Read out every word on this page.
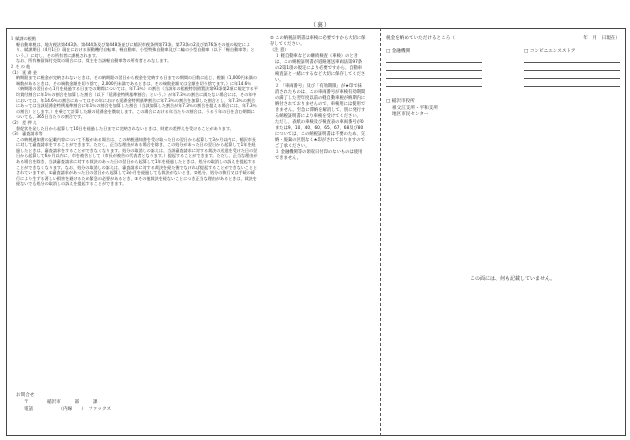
（裏）

１ 賦課の根拠

軽自動車税は、地方税法第443条、第444条及び第448条並びに稲沢市税条例第73条、第73条の2及び第76条その他の規定により、賦課期日（4月1日）現在における原動機付自転車、軽自動車、小型特殊自動車及び二輪の小型自動車（以下「軽自動車等」という。）に対し、その所有者に課税されます。

なお、所有権留保付売買の場合には、買主を当該軽自動車等の所有者とみなします。

２ そ の 他

（1） 延 滞 金

納期限までに税金が完納されないときは、その納期限の翌日から税金を完納する日までの期間の日数に応じ、税額（1,000円未満の端数があるときは、その端数金額を切り捨て、2,000円未満であるときは、その端数金額又は全額を切り捨てます。）に年14.6％（納期限の翌日から1月を経過する日までの期間については、年7.3％）の割合（当該年の租税特別措置法第93条第2項に規定する平均貸付割合に年1％の割合を加算した割合（以下「延滞金特例基準割合」という。）が年7.3％の割合に満たない場合には、その年中においては、年14.6％の割合にあってはその年における延滞金特例基準割合に年7.3％の割合を加算した割合とし、年7.3％の割合にあっては当該延滞金特例基準割合に年1％の割合を加算した割合（当該加算した割合が年7.3％の割合を超える場合には、年7.3％の割合）とします。）を乗じて計算した額の延滞金を徴収します。この場合における年当たりの割合は、うるう年の日を含む期間についても、365日当たりの割合です。

（2） 差 押 え

督促状を発した日から起算して10日を経過した日までに完納されないときは、財産の差押えを受けることがあります。

（3） 審査請求等

この納税通知書の記載内容について不服がある場合は、この納税通知書を受け取った日の翌日から起算して3か月以内に、稲沢市長に対して審査請求をすることができます。ただし、正当な理由がある場合を除き、この処分があった日の翌日から起算して1年を経過したときは、審査請求をすることができなくなります。処分の取消しの訴えは、当該審査請求に対する裁決の送達を受けた日の翌日から起算して6か月以内に、市を被告として（市長が被告の代表者となります。）提起することができます。ただし、正当な理由がある場合を除き、当該審査請求に対する裁決のあった日の翌日から起算して1年を経過したときは、処分の取消しの訴えを提起することができなくなります。なお、処分の取消しの訴えは、審査請求に対する裁決を経た後でなければ提起することができないこととされていますが、①審査請求があった日の翌日から起算して3か月を経過しても裁決がないとき、②処分、処分の執行又は手続の続行により生ずる著しい損害を避けるため緊急の必要があるとき、③その他裁決を経ないことにつき正当な理由があるときは、裁決を経ないでも処分の取消しの訴えを提起することができます。

お問合せ

〒　　　　稲沢市　　　部　　　課

電話　　　　　　（内線　　）　ファックス

② この納税証明書は車検に必要ですから大切に保存してください。

（注 意）

１ 軽自動車などの継続検査（車検）のときは、この納税証明書が道路運送車両法第97条の2第1項の規定により必要ですから、自動車検査証と一緒にするなど大切に保存してください。

２ 「車両番号」及び「有効期限」が★印で抹消されたものは、この車両番号が車検有効期間の満了した翌年度以前の軽自動車税が納期内に納付されておりませんので、車検用には使用できません。至急に滞納を解消して、別に発行する納税証明書により車検を受けてください。

ただし、表紙の車検及び検査表の車両番号が0または9、10、40、60、65、67、68及び80については、この納税証明書は不要のため、交納・廃棄の区別なく★印がされておりますのでご了承ください。

３ 金融機関等の領収日付印のないものは使用できません。

税金を納めていただけるところ（	年　月　日現在）

□ 金融機関	□ コンビニエンスストア

□ 稲沢市役所

祖父江支所・平和支所

地区市民センター

この面には、何も記載していません。
